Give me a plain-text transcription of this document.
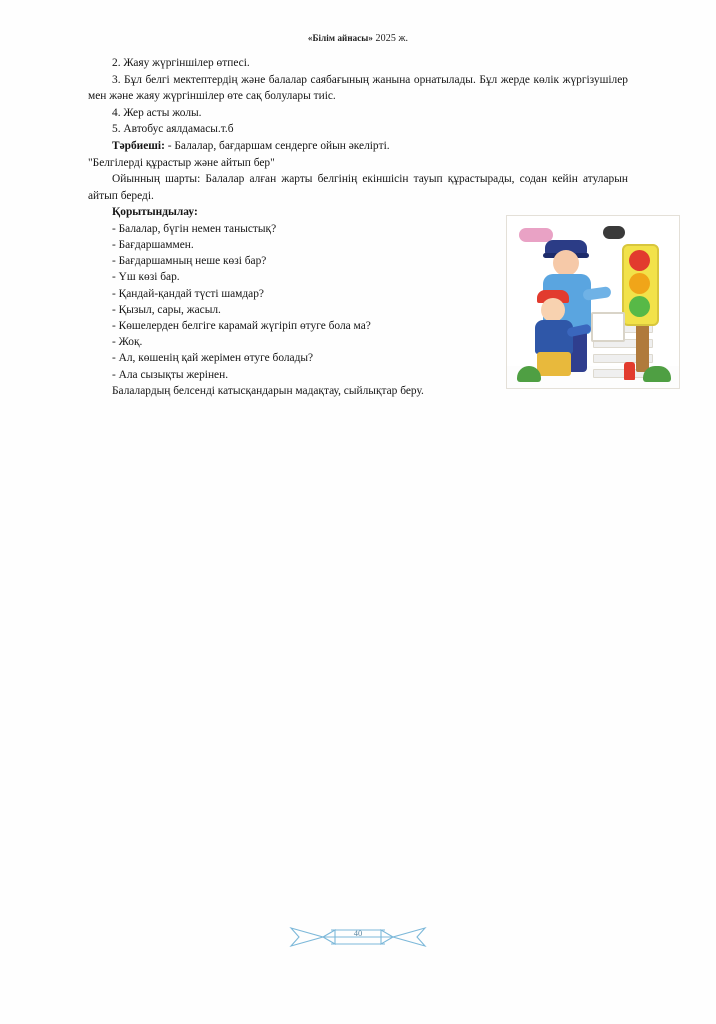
«Білім айнасы» 2025 ж.
2. Жаяу жүргіншілер өтпесі.
3. Бұл белгі мектептердің және балалар саябағының жанына орнатылады. Бұл жерде көлік жүргізушілер мен және жаяу жүргіншілер өте сақ болулары тиіс.
4. Жер асты жолы.
5. Автобус аялдамасы.т.б
Тәрбиеші: - Балалар, бағдаршам сендерге ойын әкелipті.
"Белгілерді құрастыр және айтып бер"
Ойынның шарты: Балалар алған жарты белгінің екіншісін тауып құрастырады, содан кейін атуларын айтып береді.
Қорытындылау:
- Балалар, бүгін немен таныстық?
- Бағдаршаммен.
- Бағдаршамның неше көзі бар?
- Үш көзі бар.
- Қандай-қандай түсті шамдар?
- Қызыл, сары, жасыл.
- Көшелерден белгіге карамай жүгіріп өтуге бола ма?
- Жоқ.
- Ал, көшенің қай жерімен өтуге болады?
- Ала сызықты жерінен.
Балалардың белсенді катысқандарын мадақтау, сыйлықтар беру.
40
